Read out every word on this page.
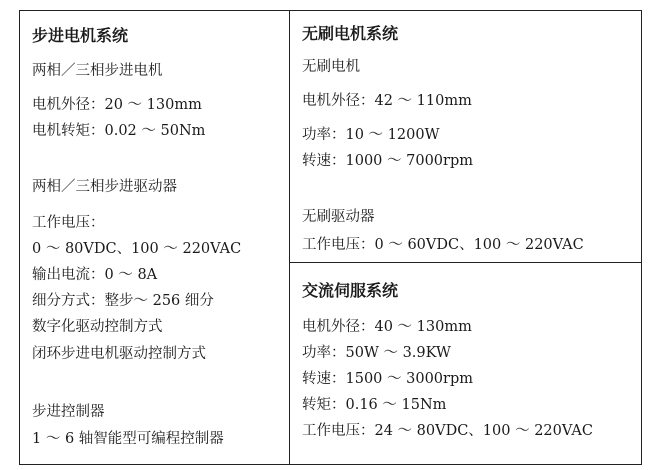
步进电机系统
两相／三相步进电机
电机外径：20 ～ 130mm
电机转矩：0.02 ～ 50Nm
两相／三相步进驱动器
工作电压：
0 ～ 80VDC、100 ～ 220VAC
输出电流：0 ～ 8A
细分方式：整步～ 256 细分
数字化驱动控制方式
闭环步进电机驱动控制方式
步进控制器
1 ～ 6 轴智能型可编程控制器
无刷电机系统
无刷电机
电机外径：42 ～ 110mm
功率：10 ～ 1200W
转速：1000 ～ 7000rpm
无刷驱动器
工作电压：0 ～ 60VDC、100 ～ 220VAC
交流伺服系统
电机外径：40 ～ 130mm
功率：50W ～ 3.9KW
转速：1500 ～ 3000rpm
转矩：0.16 ～ 15Nm
工作电压：24 ～ 80VDC、100 ～ 220VAC
